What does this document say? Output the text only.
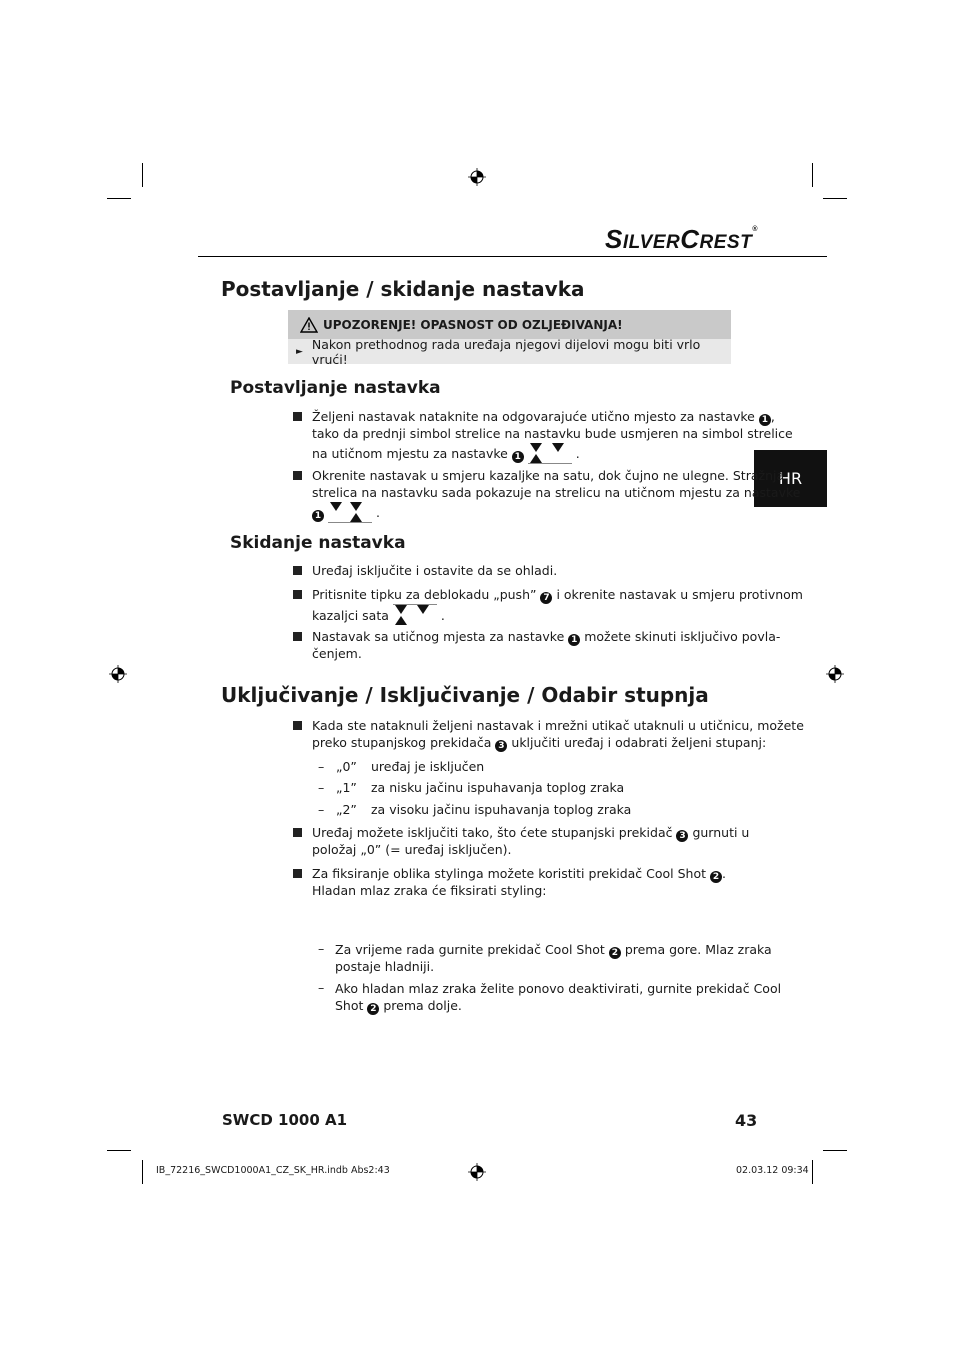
SILVERCREST®
HR
Postavljanje / skidanje nastavka
UPOZORENJE! OPASNOST OD OZLJEĐIVANJA!
► Nakon prethodnog rada uređaja njegovi dijelovi mogu biti vrlo vrući!
Postavljanje nastavka
Željeni nastavak nataknite na odgovarajuće utično mjesto za nastavke 1 ,
tako da prednji simbol strelice na nastavku bude usmjeren na simbol strelice
na utičnom mjestu za nastavke 1	.
Okrenite nastavak u smjeru kazaljke na satu, dok čujno ne ulegne. Stražnja
strelica na nastavku sada pokazuje na strelicu na utičnom mjestu za nastavke
1	.
Skidanje nastavka
Uređaj isključite i ostavite da se ohladi.
Pritisnite tipku za deblokadu „push” 7 i okrenite nastavak u smjeru protivnom
kazaljci sata	.
Nastavak sa utičnog mjesta za nastavke 1 možete skinuti isključivo povla-
čenjem.
Uključivanje / Isključivanje / Odabir stupnja
Kada ste nataknuli željeni nastavak i mrežni utikač utaknuli u utičnicu, možete
preko stupanjskog prekidača 3 uključiti uređaj i odabrati željeni stupanj:
– „0” uređaj je isključen
– „1” za nisku jačinu ispuhavanja toplog zraka
– „2” za visoku jačinu ispuhavanja toplog zraka
Uređaj možete isključiti tako, što ćete stupanjski prekidač 3 gurnuti u
položaj „0” (= uređaj isključen).
Za fiksiranje oblika stylinga možete koristiti prekidač Cool Shot 2 .
Hladan mlaz zraka će fiksirati styling:
– Za vrijeme rada gurnite prekidač Cool Shot 2 prema gore. Mlaz zraka
postaje hladniji.
– Ako hladan mlaz zraka želite ponovo deaktivirati, gurnite prekidač Cool
Shot 2 prema dolje.
SWCD 1000 A1	43
IB_72216_SWCD1000A1_CZ_SK_HR.indb Abs2:43	02.03.12 09:34
